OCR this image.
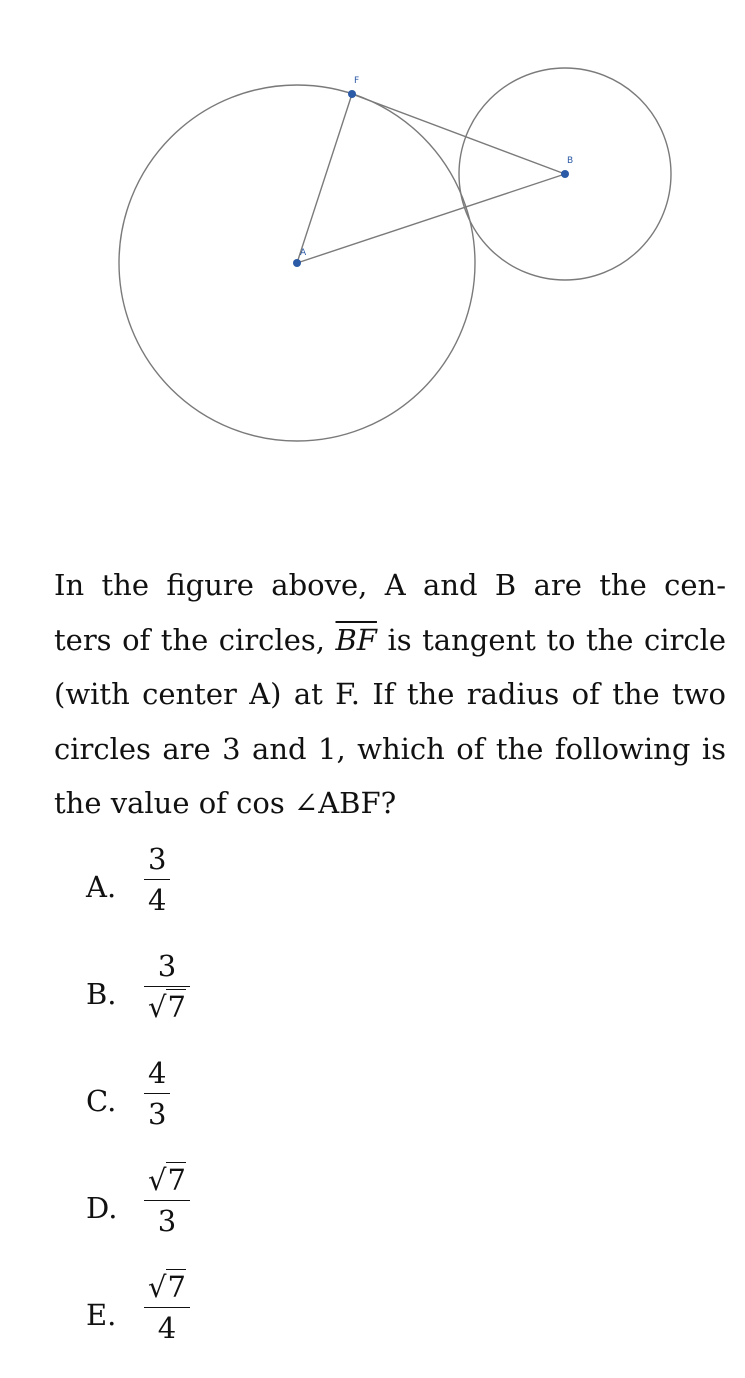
A
B
F
In the figure above, A and B are the cen-
ters of the circles, $\overline{BF}$ is tangent to the circle
(with center A) at F. If the radius of the two
circles are 3 and 1, which of the following is
the value of cos ∠ABF?
A.
3
4
B.
3
√7
C.
4
3
D.
√7
3
E.
√7
4
